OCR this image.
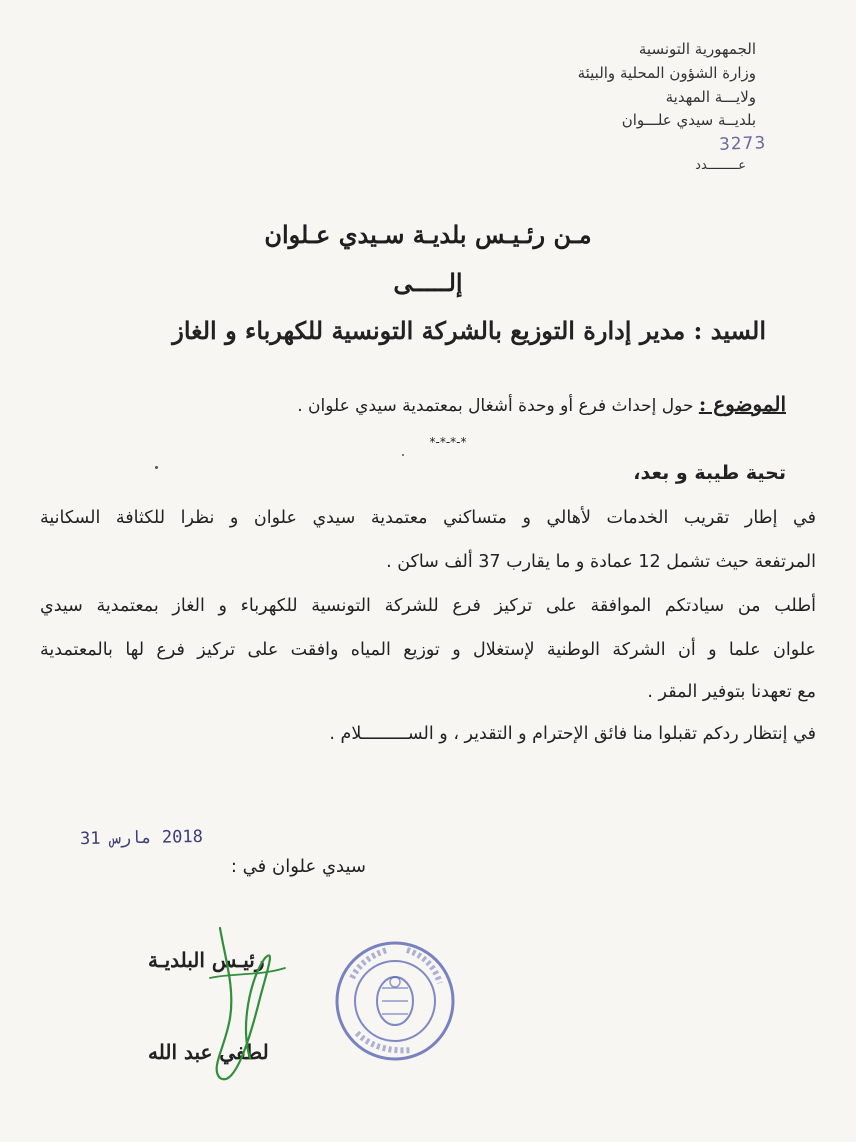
الجمهورية التونسية
وزارة الشؤون المحلية والبيئة
ولايـــة المهدية
بلديــة سيدي علـــوان
3273
عــــــــدد
مـن رئـيـس بلديـة سـيدي عـلوان
إلـــــى
السيد : مدير إدارة التوزيع بالشركة التونسية للكهرباء و الغاز
الموضوع : حول إحداث فرع أو وحدة أشغال بمعتمدية سيدي علوان .
*-*-*-*
تحية طيبة و بعد،
في إطار تقريب الخدمات لأهالي و متساكني معتمدية سيدي علوان و نظرا للكثافة السكانية
المرتفعة حيث تشمل 12 عمادة و ما يقارب 37 ألف ساكن .
أطلب من سيادتكم الموافقة على تركيز فرع للشركة التونسية للكهرباء و الغاز بمعتمدية سيدي
علوان علما و أن الشركة الوطنية لإستغلال و توزيع المياه وافقت على تركيز فرع لها بالمعتمدية
مع تعهدنا بتوفير المقر .
في إنتظار ردكم تقبلوا منا فائق الإحترام و التقدير ، و الســـــــــلام .
2018 مارس 31
سيدي علوان في :
رئيـس البلديـة
لطفي عبد الله
